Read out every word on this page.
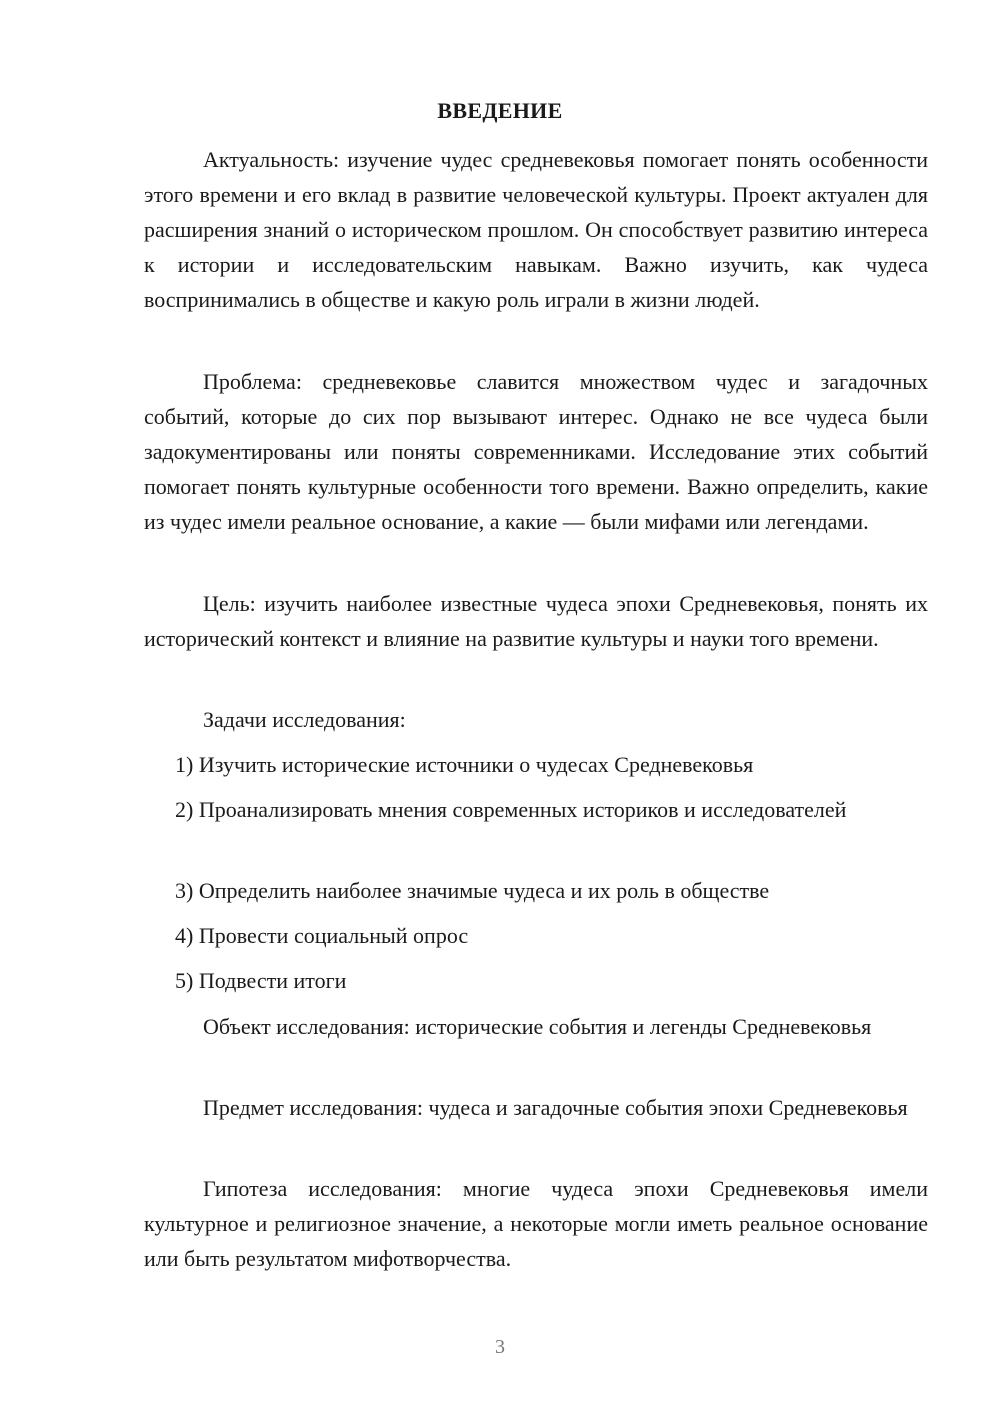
ВВЕДЕНИЕ

Актуальность: изучение чудес средневековья помогает понять особенности этого времени и его вклад в развитие человеческой культуры. Проект актуален для расширения знаний о историческом прошлом. Он способствует развитию интереса к истории и исследовательским навыкам. Важно изучить, как чудеса воспринимались в обществе и какую роль играли в жизни людей.

Проблема: средневековье славится множеством чудес и загадочных событий, которые до сих пор вызывают интерес. Однако не все чудеса были задокументированы или поняты современниками. Исследование этих событий помогает понять культурные особенности того времени. Важно определить, какие из чудес имели реальное основание, а какие — были мифами или легендами.

Цель: изучить наиболее известные чудеса эпохи Средневековья, понять их исторический контекст и влияние на развитие культуры и науки того времени.

Задачи исследования:

1) Изучить исторические источники о чудесах Средневековья

2) Проанализировать мнения современных историков и исследователей

3) Определить наиболее значимые чудеса и их роль в обществе

4) Провести социальный опрос

5) Подвести итоги

Объект исследования: исторические события и легенды Средневековья

Предмет исследования: чудеса и загадочные события эпохи Средневековья

Гипотеза исследования: многие чудеса эпохи Средневековья имели культурное и религиозное значение, а некоторые могли иметь реальное основание или быть результатом мифотворчества.

3
